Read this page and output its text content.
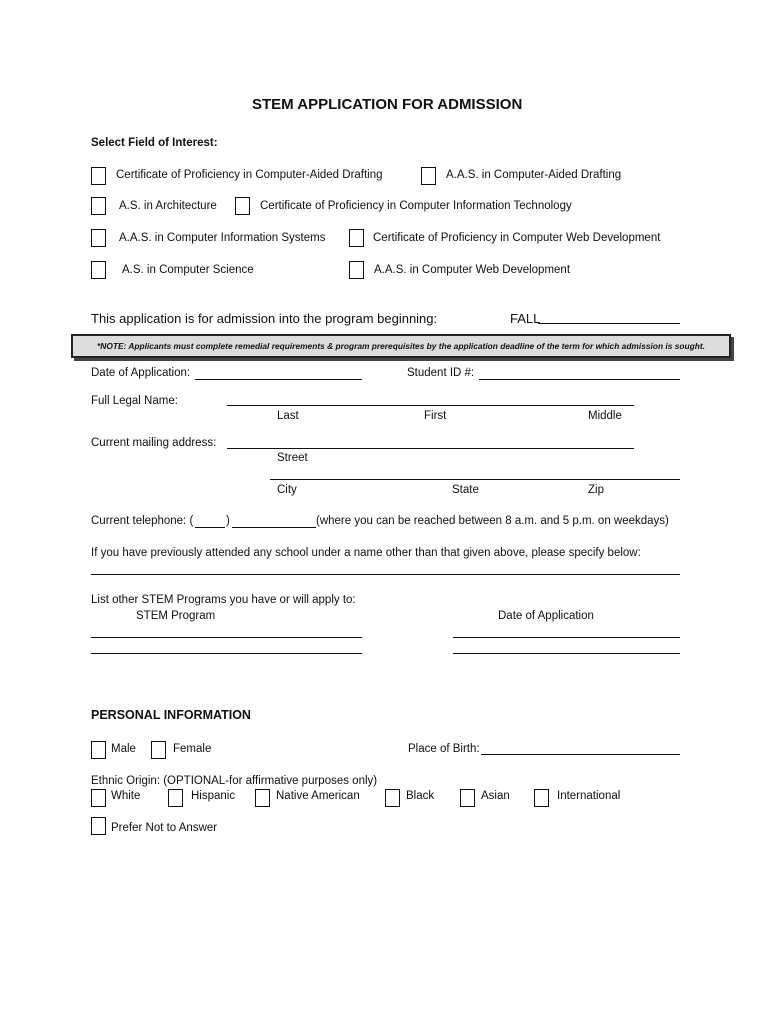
STEM APPLICATION FOR ADMISSION
Select Field of Interest:
Certificate of Proficiency in Computer-Aided Drafting	A.A.S. in Computer-Aided Drafting
A.S. in Architecture	Certificate of Proficiency in Computer Information Technology
A.A.S. in Computer Information Systems	Certificate of Proficiency in Computer Web Development
A.S. in Computer Science	A.A.S. in Computer Web Development
This application is for admission into the program beginning:	FALL
*NOTE: Applicants must complete remedial requirements & program prerequisites by the application deadline of the term for which admission is sought.
Date of Application:	Student ID #:
Full Legal Name:
Last	First	Middle
Current mailing address:
Street
City	State	Zip
Current telephone: (	)	(where you can be reached between 8 a.m. and 5 p.m. on weekdays)
If you have previously attended any school under a name other than that given above, please specify below:
List other STEM Programs you have or will apply to:
STEM Program	Date of Application
PERSONAL INFORMATION
Male	Female	Place of Birth:
Ethnic Origin: (OPTIONAL-for affirmative purposes only)
White	Hispanic	Native American	Black	Asian	International
Prefer Not to Answer
